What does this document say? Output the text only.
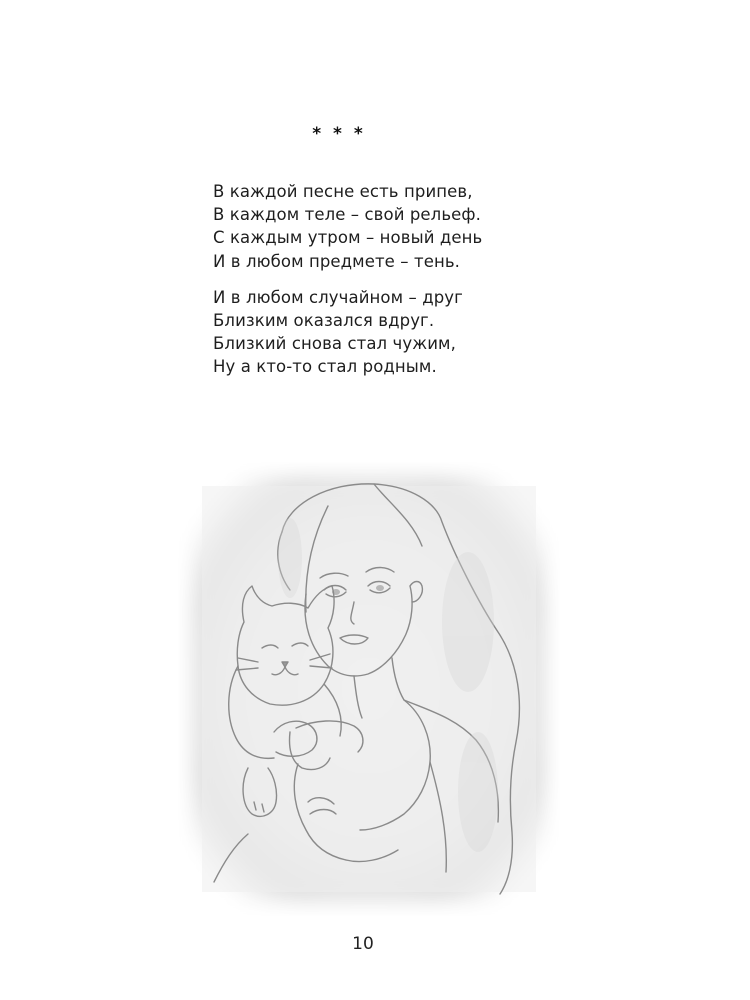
* * *
В каждой песне есть припев,
В каждом теле – свой рельеф.
С каждым утром – новый день
И в любом предмете – тень.
И в любом случайном – друг
Близким оказался вдруг.
Близкий снова стал чужим,
Ну а кто-то стал родным.
10
